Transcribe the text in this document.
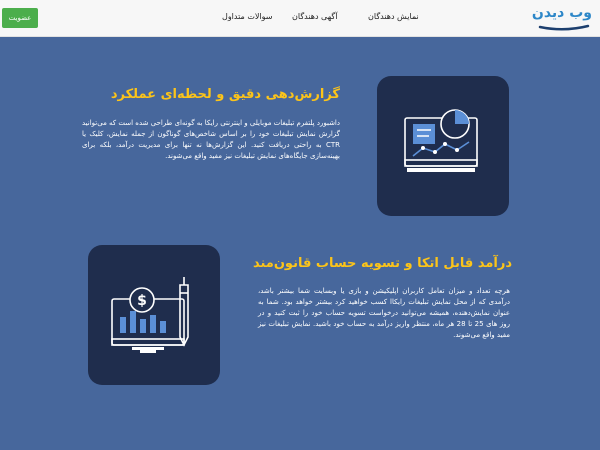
عضویت	سوالات متداول آگهی دهندگان	نمایش دهندگان	وب دیدن
گزارش‌دهی دقیق و لحظه‌ای عملکرد
داشبورد پلتفرم تبلیغات موبایلی و اینترنتی رایکا به گونه‌ای طراحی شده است که می‌توانید گزارش نمایش تبلیغات خود را بر اساس شاخص‌های گوناگون از جمله نمایش، کلیک یا CTR به راحتی دریافت کنید. این گزارش‌ها نه تنها برای مدیریت درآمد، بلکه برای بهینه‌سازی جایگاه‌های نمایش تبلیغات نیز مفید واقع می‌شوند.
$
درآمد قابل اتکا و تسویه حساب قانون‌مند
هرچه تعداد و میزان تعامل کاربران اپلیکیشن و بازی یا وبسایت شما بیشتر باشد، درآمدی که از محل نمایش تبلیغات رایکاا کسب خواهید کرد بیشتر خواهد بود. شما به عنوان نمایش‌دهنده، همیشه می‌توانید درخواست تسویه حساب خود را ثبت کنید و در روز های 25 تا 28 هر ماه، منتظر واریز درآمد به حساب خود باشید. نمایش تبلیغات نیز مفید واقع می‌شوند.
